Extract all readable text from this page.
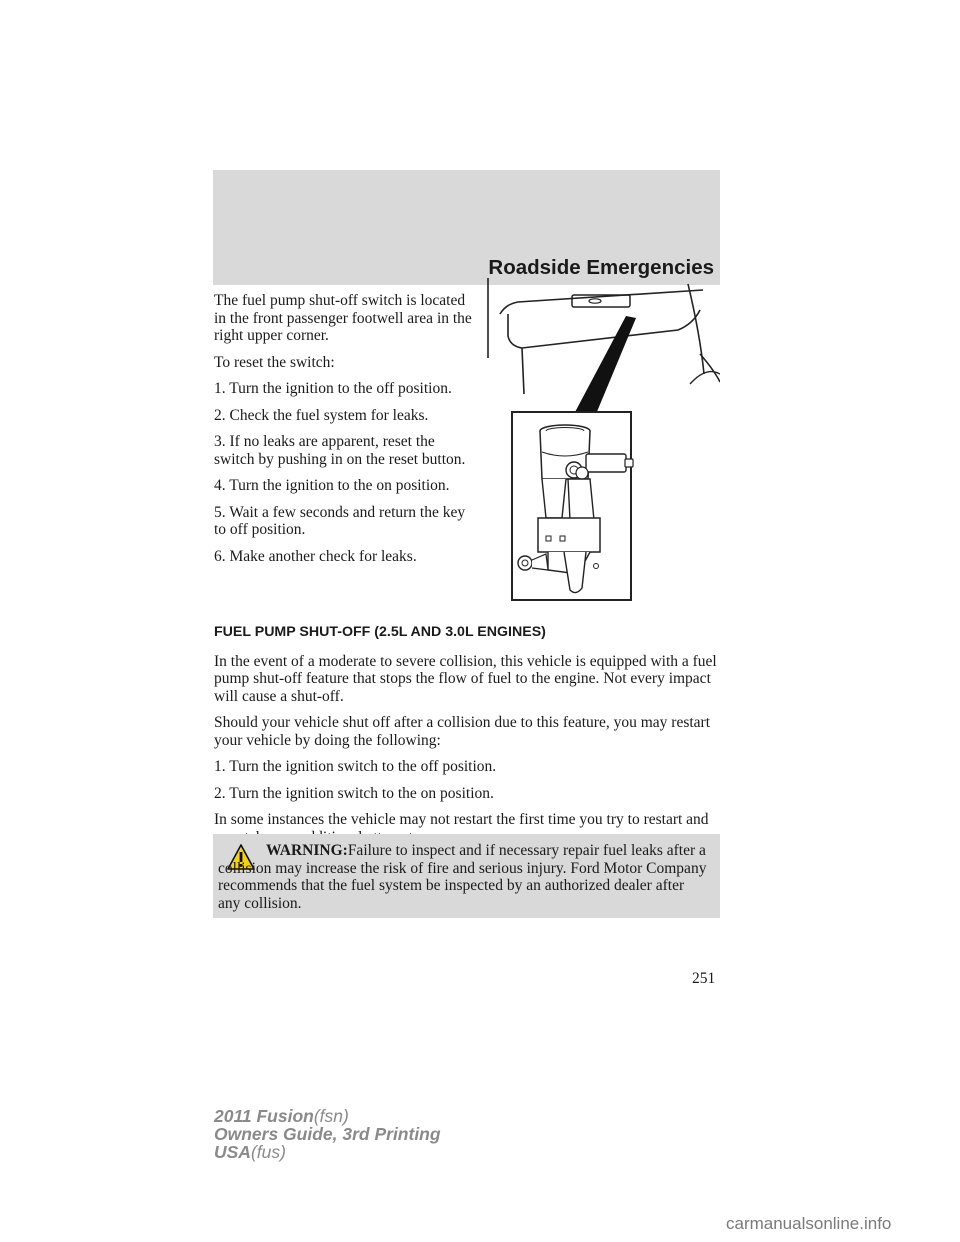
Roadside Emergencies

The fuel pump shut-off switch is located in the front passenger footwell area in the right upper corner.

To reset the switch:

1. Turn the ignition to the off position.

2. Check the fuel system for leaks.

3. If no leaks are apparent, reset the switch by pushing in on the reset button.

4. Turn the ignition to the on position.

5. Wait a few seconds and return the key to off position.

6. Make another check for leaks.

FUEL PUMP SHUT-OFF (2.5L AND 3.0L ENGINES)

In the event of a moderate to severe collision, this vehicle is equipped with a fuel pump shut-off feature that stops the flow of fuel to the engine. Not every impact will cause a shut-off.

Should your vehicle shut off after a collision due to this feature, you may restart your vehicle by doing the following:

1. Turn the ignition switch to the off position.

2. Turn the ignition switch to the on position.

In some instances the vehicle may not restart the first time you try to restart and

WARNING:Failure to inspect and if necessary repair fuel leaks after a collision may increase the risk of fire and serious injury. Ford Motor Company recommends that the fuel system be inspected by an authorized dealer after any collision.
251
2011 Fusion(fsn)
Owners Guide, 3rd Printing
USA(fus)
carmanualsonline.info
